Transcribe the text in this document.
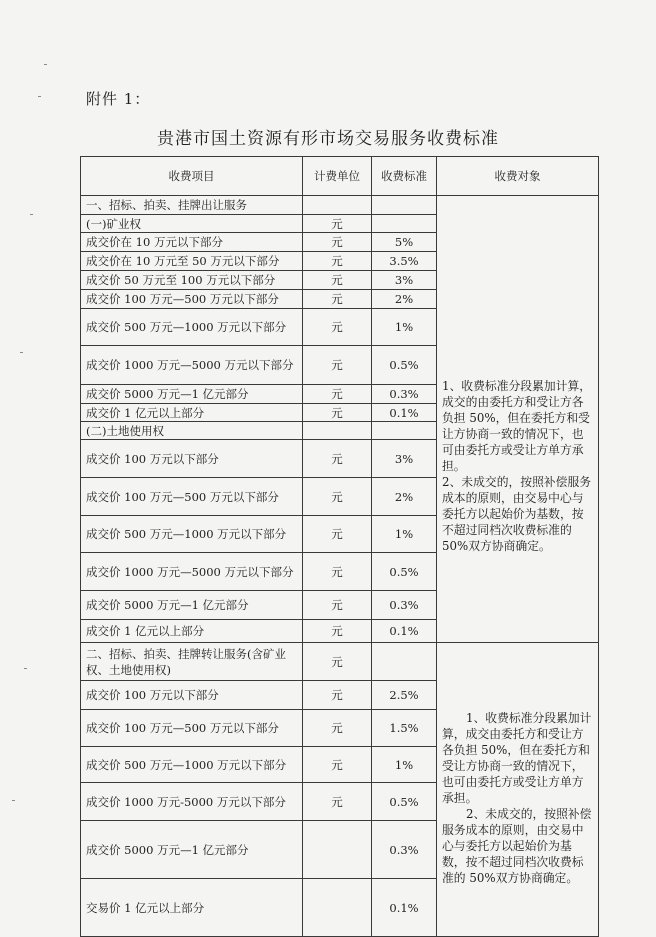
附件 1：
贵港市国土资源有形市场交易服务收费标准
收费项目	计费单位	收费标准	收费对象
一、招标、拍卖、挂牌出让服务			1、收费标准分段累加计算，成交的由委托方和受让方各负担 50%，但在委托方和受让方协商一致的情况下，也可由委托方或受让方单方承担。

2、未成交的，按照补偿服务成本的原则，由交易中心与委托方以起始价为基数，按不超过同档次收费标准的 50%双方协商确定。

(一)矿业权	元		
成交价在 10 万元以下部分	元	5%	
成交价在 10 万元至 50 万元以下部分	元	3.5%	
成交价 50 万元至 100 万元以下部分	元	3%	
成交价 100 万元—500 万元以下部分	元	2%	
成交价 500 万元—1000 万元以下部分	元	1%	
成交价 1000 万元—5000 万元以下部分	元	0.5%	
成交价 5000 万元—1 亿元部分	元	0.3%	
成交价 1 亿元以上部分	元	0.1%	
(二)土地使用权			
成交价 100 万元以下部分	元	3%	
成交价 100 万元—500 万元以下部分	元	2%	
成交价 500 万元—1000 万元以下部分	元	1%	
成交价 1000 万元—5000 万元以下部分	元	0.5%	
成交价 5000 万元—1 亿元部分	元	0.3%	
成交价 1 亿元以上部分	元	0.1%	
二、招标、拍卖、挂牌转让服务(含矿业权、土地使用权)	元		1、收费标准分段累加计算，成交由委托方和受让方各负担 50%，但在委托方和受让方协商一致的情况下，也可由委托方或受让方单方承担。

2、未成交的，按照补偿服务成本的原则，由交易中心与委托方以起始价为基数，按不超过同档次收费标准的 50%双方协商确定。

成交价 100 万元以下部分	元	2.5%	
成交价 100 万元—500 万元以下部分	元	1.5%	
成交价 500 万元—1000 万元以下部分	元	1%	
成交价 1000 万元-5000 万元以下部分	元	0.5%	
成交价 5000 万元—1 亿元部分		0.3%	
交易价 1 亿元以上部分		0.1%	
